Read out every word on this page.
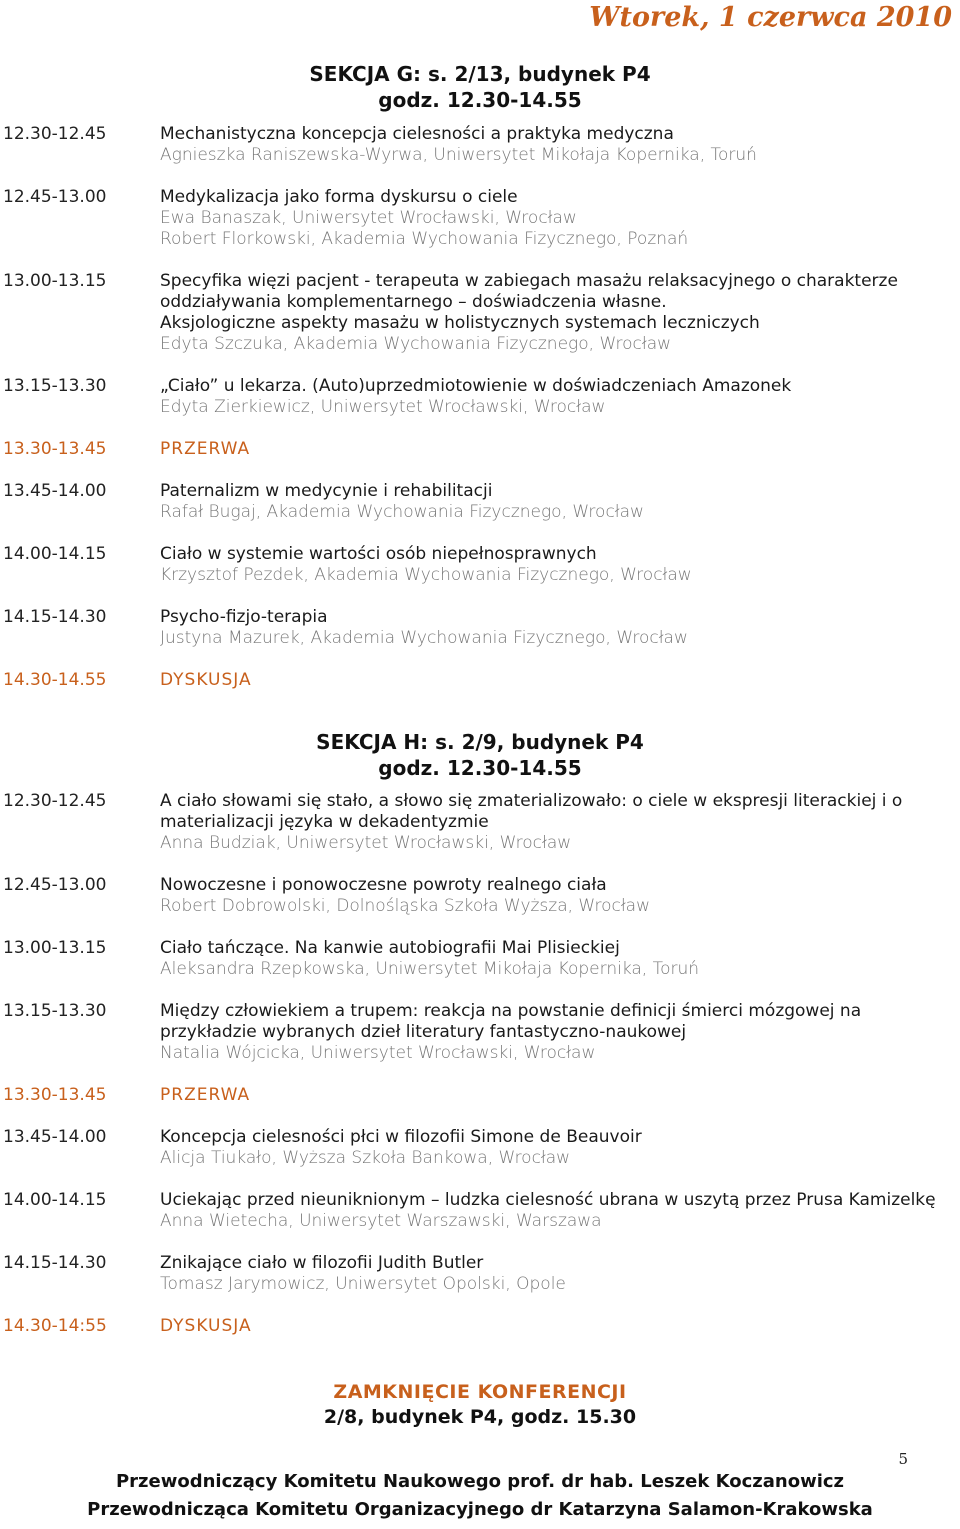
Wtorek, 1 czerwca 2010
SEKCJA G: s. 2/13, budynek P4
godz. 12.30-14.55
12.30-12.45	Mechanistyczna koncepcja cielesności a praktyka medyczna
Agnieszka Raniszewska-Wyrwa, Uniwersytet Mikołaja Kopernika, Toruń
12.45-13.00	Medykalizacja jako forma dyskursu o ciele
Ewa Banaszak, Uniwersytet Wrocławski, Wrocław
Robert Florkowski, Akademia Wychowania Fizycznego, Poznań
13.00-13.15	Specyfika więzi pacjent - terapeuta w zabiegach masażu relaksacyjnego o charakterze oddziaływania komplementarnego – doświadczenia własne.
Aksjologiczne aspekty masażu w holistycznych systemach leczniczych
Edyta Szczuka, Akademia Wychowania Fizycznego, Wrocław
13.15-13.30	„Ciało” u lekarza. (Auto)uprzedmiotowienie w doświadczeniach Amazonek
Edyta Zierkiewicz, Uniwersytet Wrocławski, Wrocław
13.30-13.45	PRZERWA
13.45-14.00	Paternalizm w medycynie i rehabilitacji
Rafał Bugaj, Akademia Wychowania Fizycznego, Wrocław
14.00-14.15	Ciało w systemie wartości osób niepełnosprawnych
Krzysztof Pezdek, Akademia Wychowania Fizycznego, Wrocław
14.15-14.30	Psycho-fizjo-terapia
Justyna Mazurek, Akademia Wychowania Fizycznego, Wrocław
14.30-14.55	DYSKUSJA
SEKCJA H: s. 2/9, budynek P4
godz. 12.30-14.55
12.30-12.45	A ciało słowami się stało, a słowo się zmaterializowało: o ciele w ekspresji literackiej i o materializacji języka w dekadentyzmie
Anna Budziak, Uniwersytet Wrocławski, Wrocław
12.45-13.00	Nowoczesne i ponowoczesne powroty realnego ciała
Robert Dobrowolski, Dolnośląska Szkoła Wyższa, Wrocław
13.00-13.15	Ciało tańczące. Na kanwie autobiografii Mai Plisieckiej
Aleksandra Rzepkowska, Uniwersytet Mikołaja Kopernika, Toruń
13.15-13.30	Między człowiekiem a trupem: reakcja na powstanie definicji śmierci mózgowej na przykładzie wybranych dzieł literatury fantastyczno-naukowej
Natalia Wójcicka, Uniwersytet Wrocławski, Wrocław
13.30-13.45	PRZERWA
13.45-14.00	Koncepcja cielesności płci w filozofii Simone de Beauvoir
Alicja Tiukało, Wyższa Szkoła Bankowa, Wrocław
14.00-14.15	Uciekając przed nieuniknionym – ludzka cielesność ubrana w uszytą przez Prusa Kamizelkę
Anna Wietecha, Uniwersytet Warszawski, Warszawa
14.15-14.30	Znikające ciało w filozofii Judith Butler
Tomasz Jarymowicz, Uniwersytet Opolski, Opole
14.30-14:55	DYSKUSJA
ZAMKNIĘCIE KONFERENCJI
2/8, budynek P4, godz. 15.30
5
Przewodniczący Komitetu Naukowego prof. dr hab. Leszek Koczanowicz
Przewodnicząca Komitetu Organizacyjnego dr Katarzyna Salamon-Krakowska
